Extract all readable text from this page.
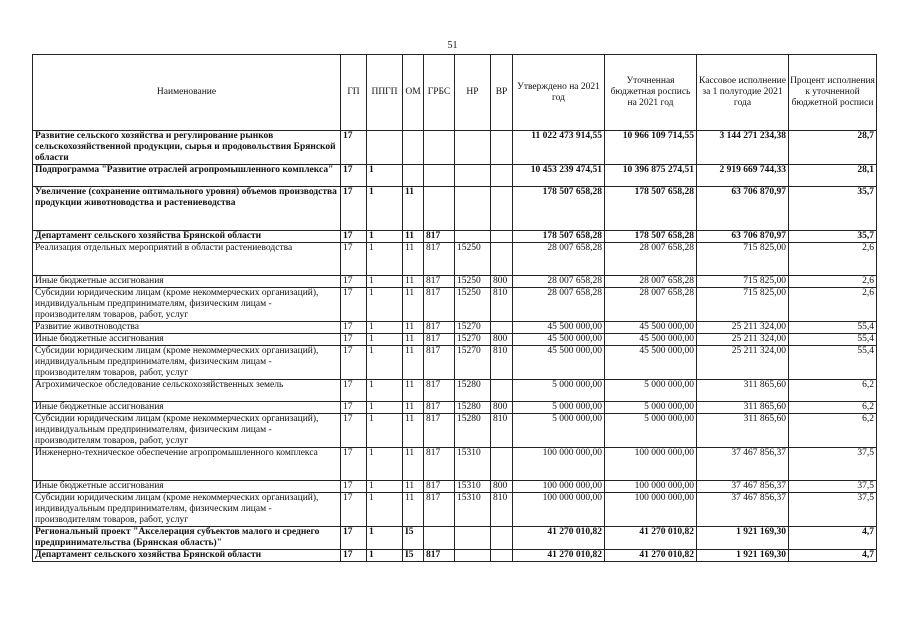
51
Наименование	ГП	ППГП	ОМ	ГРБС	НР	ВР	Утверждено на 2021 год	Уточненная бюджетная роспись на 2021 год	Кассовое исполнение за 1 полугодие 2021 года	Процент исполнения к уточненной бюджетной росписи
Развитие сельского хозяйства и регулирование рынков сельскохозяйственной продукции, сырья и продовольствия Брянской области	17						11 022 473 914,55	10 966 109 714,55	3 144 271 234,38	28,7
Подпрограмма "Развитие отраслей агропромышленного комплекса"	17	1					10 453 239 474,51	10 396 875 274,51	2 919 669 744,33	28,1
Увеличение (сохранение оптимального уровня) объемов производства продукции животноводства и растениеводства	17	1	11				178 507 658,28	178 507 658,28	63 706 870,97	35,7
Департамент сельского хозяйства Брянской области	17	1	11	817			178 507 658,28	178 507 658,28	63 706 870,97	35,7
Реализация отдельных мероприятий в области растениеводства	17	1	11	817	15250		28 007 658,28	28 007 658,28	715 825,00	2,6
Иные бюджетные ассигнования	17	1	11	817	15250	800	28 007 658,28	28 007 658,28	715 825,00	2,6
Субсидии юридическим лицам (кроме некоммерческих организаций), индивидуальным предпринимателям, физическим лицам - производителям товаров, работ, услуг	17	1	11	817	15250	810	28 007 658,28	28 007 658,28	715 825,00	2,6
Развитие животноводства	17	1	11	817	15270		45 500 000,00	45 500 000,00	25 211 324,00	55,4
Иные бюджетные ассигнования	17	1	11	817	15270	800	45 500 000,00	45 500 000,00	25 211 324,00	55,4
Субсидии юридическим лицам (кроме некоммерческих организаций), индивидуальным предпринимателям, физическим лицам - производителям товаров, работ, услуг	17	1	11	817	15270	810	45 500 000,00	45 500 000,00	25 211 324,00	55,4
Агрохимическое обследование сельскохозяйственных земель	17	1	11	817	15280		5 000 000,00	5 000 000,00	311 865,60	6,2
Иные бюджетные ассигнования	17	1	11	817	15280	800	5 000 000,00	5 000 000,00	311 865,60	6,2
Субсидии юридическим лицам (кроме некоммерческих организаций), индивидуальным предпринимателям, физическим лицам - производителям товаров, работ, услуг	17	1	11	817	15280	810	5 000 000,00	5 000 000,00	311 865,60	6,2
Инженерно-техническое обеспечение агропромышленного комплекса	17	1	11	817	15310		100 000 000,00	100 000 000,00	37 467 856,37	37,5
Иные бюджетные ассигнования	17	1	11	817	15310	800	100 000 000,00	100 000 000,00	37 467 856,37	37,5
Субсидии юридическим лицам (кроме некоммерческих организаций), индивидуальным предпринимателям, физическим лицам - производителям товаров, работ, услуг	17	1	11	817	15310	810	100 000 000,00	100 000 000,00	37 467 856,37	37,5
Региональный проект "Акселерация субъектов малого и среднего предпринимательства (Брянская область)"	17	1	I5				41 270 010,82	41 270 010,82	1 921 169,30	4,7
Департамент сельского хозяйства Брянской области	17	1	I5	817			41 270 010,82	41 270 010,82	1 921 169,30	4,7
